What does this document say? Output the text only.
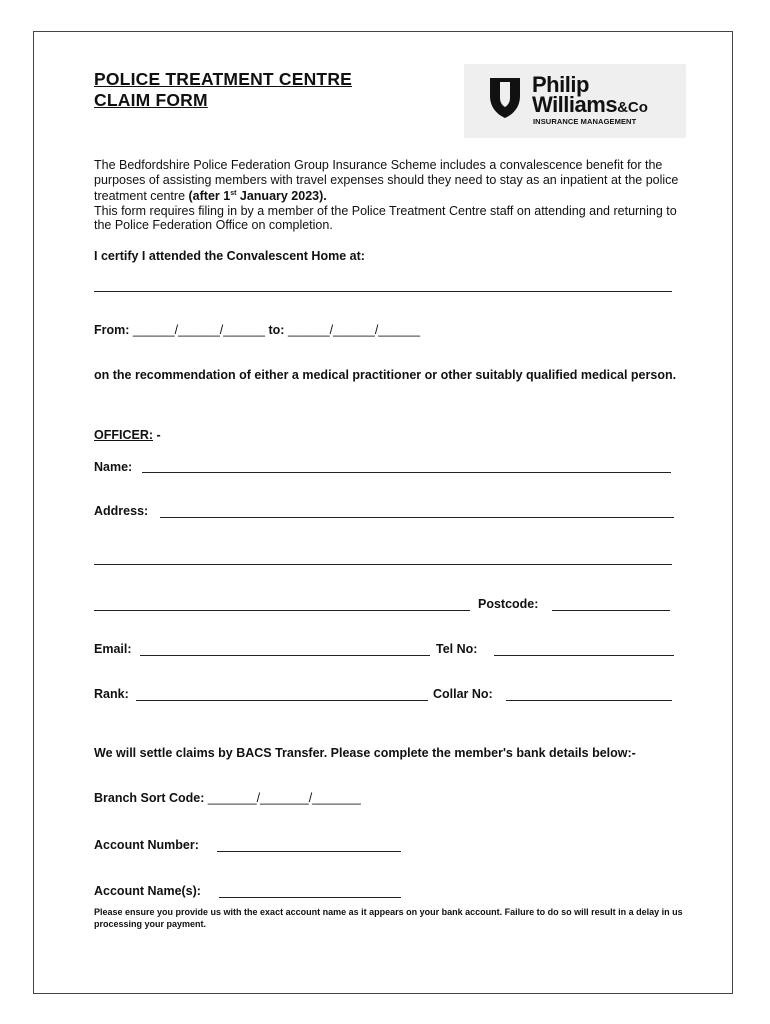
POLICE TREATMENT CENTRE
CLAIM FORM
Philip
Williams&Co
INSURANCE MANAGEMENT
The Bedfordshire Police Federation Group Insurance Scheme includes a convalescence benefit for the purposes of assisting members with travel expenses should they need to stay as an inpatient at the police treatment centre (after 1st January 2023).
This form requires filing in by a member of the Police Treatment Centre staff on attending and returning to the Police Federation Office on completion.
I certify I attended the Convalescent Home at:
From: ______/______/______ to: ______/______/______
on the recommendation of either a medical practitioner or other suitably qualified medical person.
OFFICER: -
Name:
Address:
Postcode:
Email:	Tel No:
Rank:	Collar No:
We will settle claims by BACS Transfer. Please complete the member's bank details below:-
Branch Sort Code: _______/_______/_______
Account Number:
Account Name(s):
Please ensure you provide us with the exact account name as it appears on your bank account. Failure to do so will result in a delay in us processing your payment.
